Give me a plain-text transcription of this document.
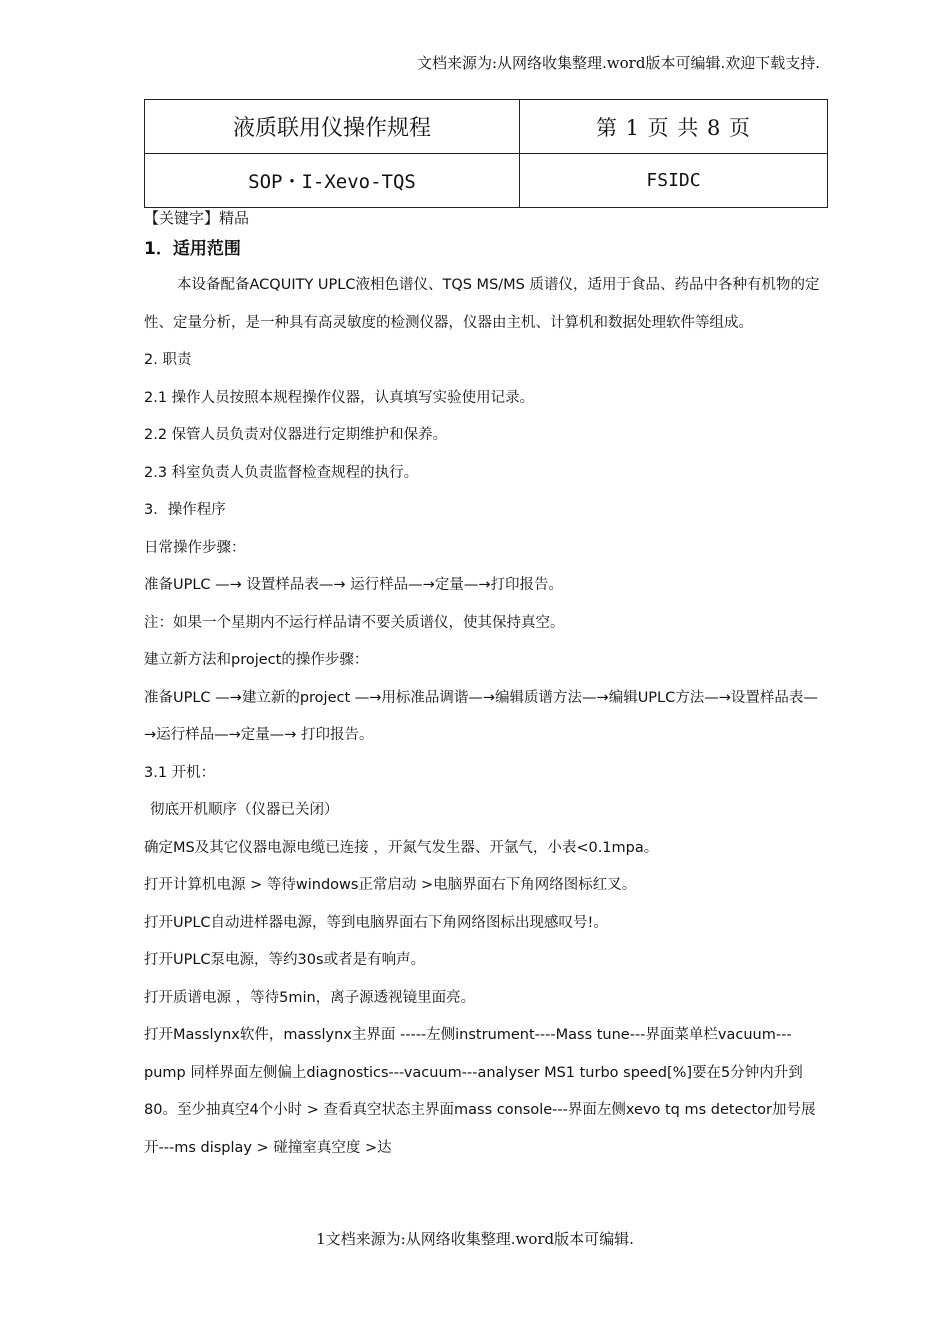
文档来源为:从网络收集整理.word版本可编辑.欢迎下载支持.
液质联用仪操作规程	第 1 页 共 8 页
SOP・I-Xevo-TQS	FSIDC
【关键字】精品
1．适用范围

本设备配备ACQUITY UPLC液相色谱仪、TQS MS/MS 质谱仪，适用于食品、药品中各种有机物的定性、定量分析，是一种具有高灵敏度的检测仪器，仪器由主机、计算机和数据处理软件等组成。

2. 职责

2.1 操作人员按照本规程操作仪器，认真填写实验使用记录。

2.2 保管人员负责对仪器进行定期维护和保养。

2.3 科室负责人负责监督检查规程的执行。

3．操作程序

日常操作步骤：

准备UPLC —→ 设置样品表—→ 运行样品—→定量—→打印报告。

注：如果一个星期内不运行样品请不要关质谱仪，使其保持真空。

建立新方法和project的操作步骤：

准备UPLC —→建立新的project —→用标准品调谐—→编辑质谱方法—→编辑UPLC方法—→设置样品表—→运行样品—→定量—→ 打印报告。

3.1 开机：

彻底开机顺序（仪器已关闭）

确定MS及其它仪器电源电缆已连接 ，开氮气发生器、开氩气，小表<0.1mpa。

打开计算机电源 > 等待windows正常启动 >电脑界面右下角网络图标红叉。

打开UPLC自动进样器电源，等到电脑界面右下角网络图标出现感叹号!。

打开UPLC泵电源，等约30s或者是有响声。

打开质谱电源 ，等待5min，离子源透视镜里面亮。

打开Masslynx软件，masslynx主界面 -----左侧instrument----Mass tune---界面菜单栏vacuum---pump 同样界面左侧偏上diagnostics---vacuum---analyser MS1 turbo speed[%]要在5分钟内升到80。至少抽真空4个小时 > 查看真空状态主界面mass console---界面左侧xevo tq ms detector加号展开---ms display > 碰撞室真空度 >达

1文档来源为:从网络收集整理.word版本可编辑.
